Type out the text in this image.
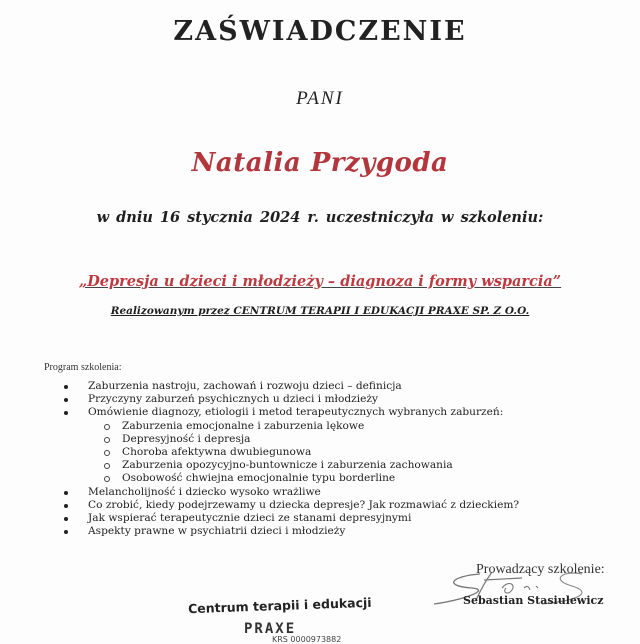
ZAŚWIADCZENIE
PANI
Natalia Przygoda
w dniu 16 stycznia 2024 r. uczestniczyła w szkoleniu:
„Depresja u dzieci i młodzieży – diagnoza i formy wsparcia”
Realizowanym przez CENTRUM TERAPII I EDUKACJI PRAXE SP. Z O.O.
Program szkolenia:
Zaburzenia nastroju, zachowań i rozwoju dzieci – definicja
Przyczyny zaburzeń psychicznych u dzieci i młodzieży
Omówienie diagnozy, etiologii i metod terapeutycznych wybranych zaburzeń:
Zaburzenia emocjonalne i zaburzenia lękowe
Depresyjność i depresja
Choroba afektywna dwubiegunowa
Zaburzenia opozycyjno-buntownicze i zaburzenia zachowania
Osobowość chwiejna emocjonalnie typu borderline
Melancholijność i dziecko wysoko wrażliwe
Co zrobić, kiedy podejrzewamy u dziecka depresje? Jak rozmawiać z dzieckiem?
Jak wspierać terapeutycznie dzieci ze stanami depresyjnymi
Aspekty prawne w psychiatrii dzieci i młodzieży
Prowadzący szkolenie:
Sebastian Stasiulewicz
Centrum terapii i edukacji
PRAXE
KRS 0000973882
